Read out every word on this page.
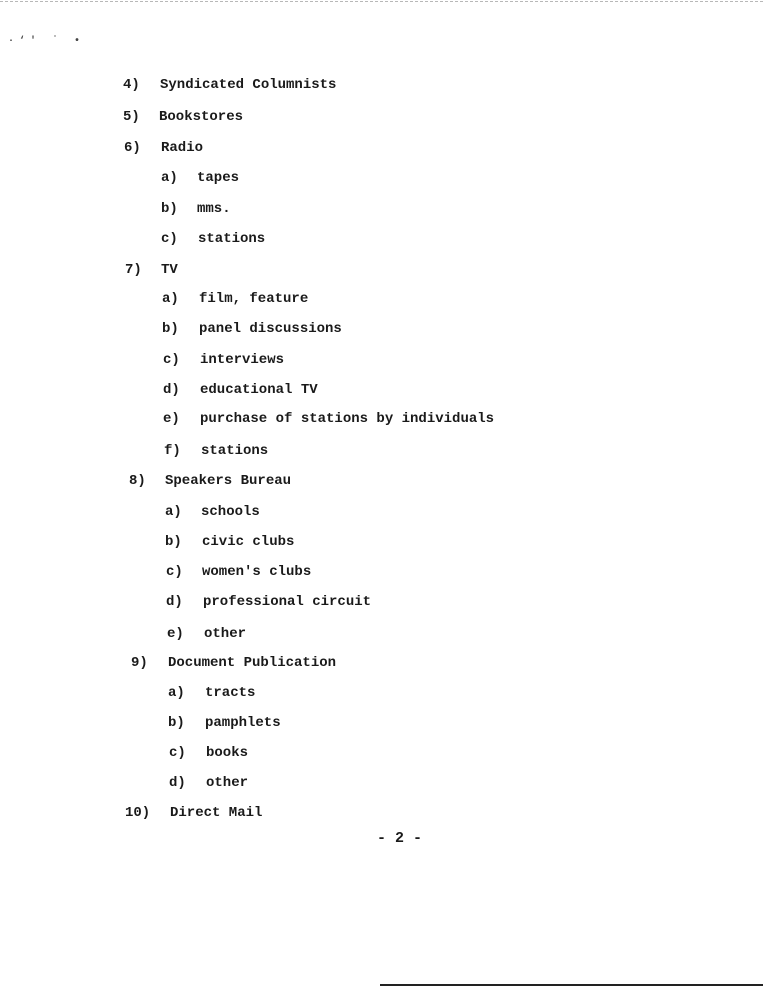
·‘' ˙ •
4) Syndicated Columnists
5) Bookstores
6) Radio
a) tapes
b) mms.
c) stations
7) TV
a) film, feature
b) panel discussions
c) interviews
d) educational TV
e) purchase of stations by individuals
f) stations
8) Speakers Bureau
a) schools
b) civic clubs
c) women's clubs
d) professional circuit
e) other
9) Document Publication
a) tracts
b) pamphlets
c) books
d) other
10) Direct Mail
- 2 -
